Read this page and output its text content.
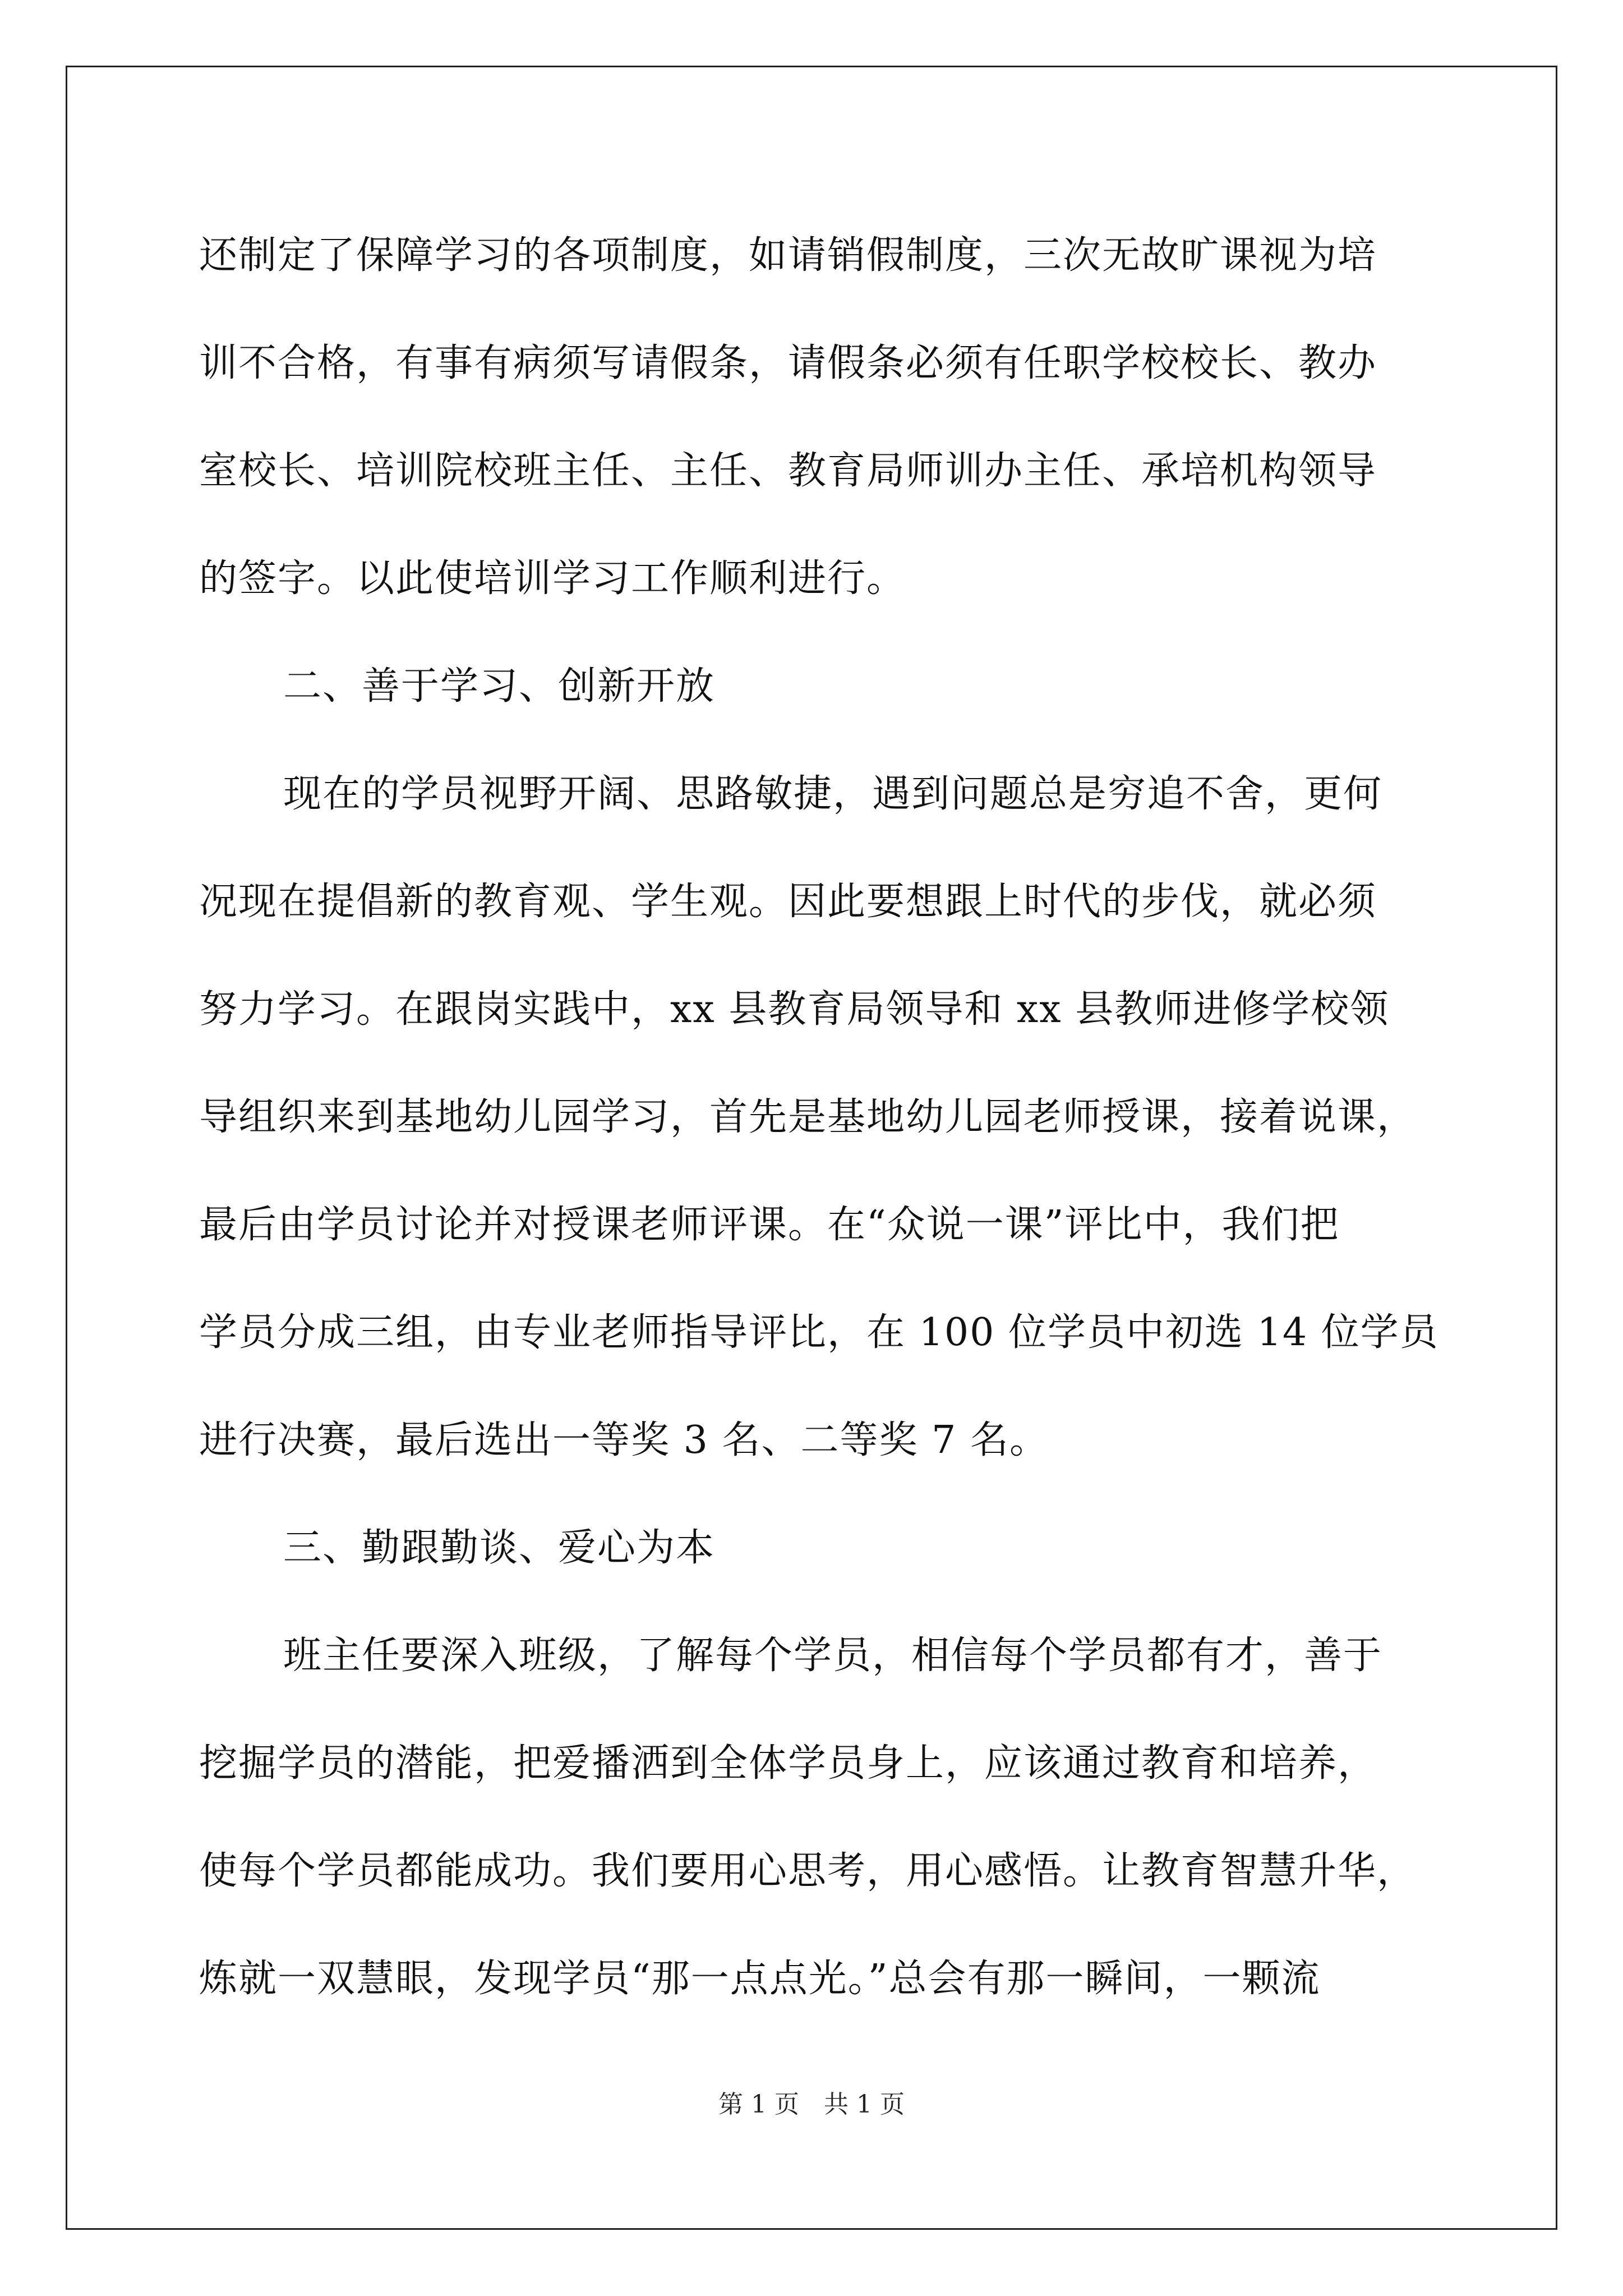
还制定了保障学习的各项制度，如请销假制度，三次无故旷课视为培
训不合格，有事有病须写请假条，请假条必须有任职学校校长、教办
室校长、培训院校班主任、主任、教育局师训办主任、承培机构领导
的签字。以此使培训学习工作顺利进行。
二、善于学习、创新开放
现在的学员视野开阔、思路敏捷，遇到问题总是穷追不舍，更何
况现在提倡新的教育观、学生观。因此要想跟上时代的步伐，就必须
努力学习。在跟岗实践中，xx 县教育局领导和 xx 县教师进修学校领
导组织来到基地幼儿园学习，首先是基地幼儿园老师授课，接着说课，
最后由学员讨论并对授课老师评课。在“众说一课”评比中，我们把
学员分成三组，由专业老师指导评比，在 100 位学员中初选 14 位学员
进行决赛，最后选出一等奖 3 名、二等奖 7 名。
三、勤跟勤谈、爱心为本
班主任要深入班级，了解每个学员，相信每个学员都有才，善于
挖掘学员的潜能，把爱播洒到全体学员身上，应该通过教育和培养，
使每个学员都能成功。我们要用心思考，用心感悟。让教育智慧升华，
炼就一双慧眼，发现学员“那一点点光。”总会有那一瞬间，一颗流
第 1 页　共 1 页
